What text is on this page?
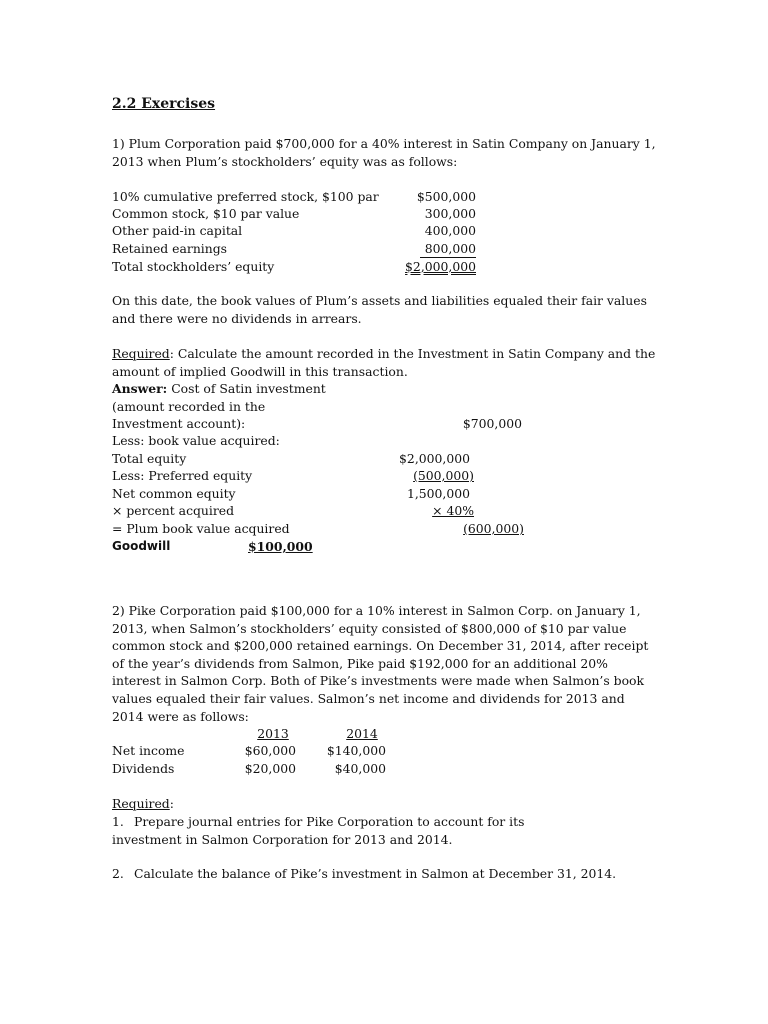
2.2 Exercises
1) Plum Corporation paid $700,000 for a 40% interest in Satin Company on January 1, 2013 when Plum’s stockholders’ equity was as follows:
10% cumulative preferred stock, $100 par	$500,000
Common stock, $10 par value	300,000
Other paid-in capital	400,000
Retained earnings	800,000
Total stockholders’ equity	$2,000,000
On this date, the book values of Plum’s assets and liabilities equaled their fair values and there were no dividends in arrears.
Required: Calculate the amount recorded in the Investment in Satin Company and the amount of implied Goodwill in this transaction.
Answer: Cost of Satin investment
(amount recorded in the
Investment account):	$700,000
Less: book value acquired:
Total equity	$2,000,000
Less: Preferred equity	(500,000)
Net common equity	1,500,000
× percent acquired	× 40%
= Plum book value acquired	(600,000)
Goodwill	$100,000
2) Pike Corporation paid $100,000 for a 10% interest in Salmon Corp. on January 1, 2013, when Salmon’s stockholders’ equity consisted of $800,000 of $10 par value common stock and $200,000 retained earnings. On December 31, 2014, after receipt of the year’s dividends from Salmon, Pike paid $192,000 for an additional 20% interest in Salmon Corp. Both of Pike’s investments were made when Salmon’s book values equaled their fair values. Salmon’s net income and dividends for 2013 and 2014 were as follows:
2013	2014
Net income	$60,000	$140,000
Dividends	$20,000	$40,000
Required:
1. Prepare journal entries for Pike Corporation to account for its investment in Salmon Corporation for 2013 and 2014.
2. Calculate the balance of Pike’s investment in Salmon at December 31, 2014.
